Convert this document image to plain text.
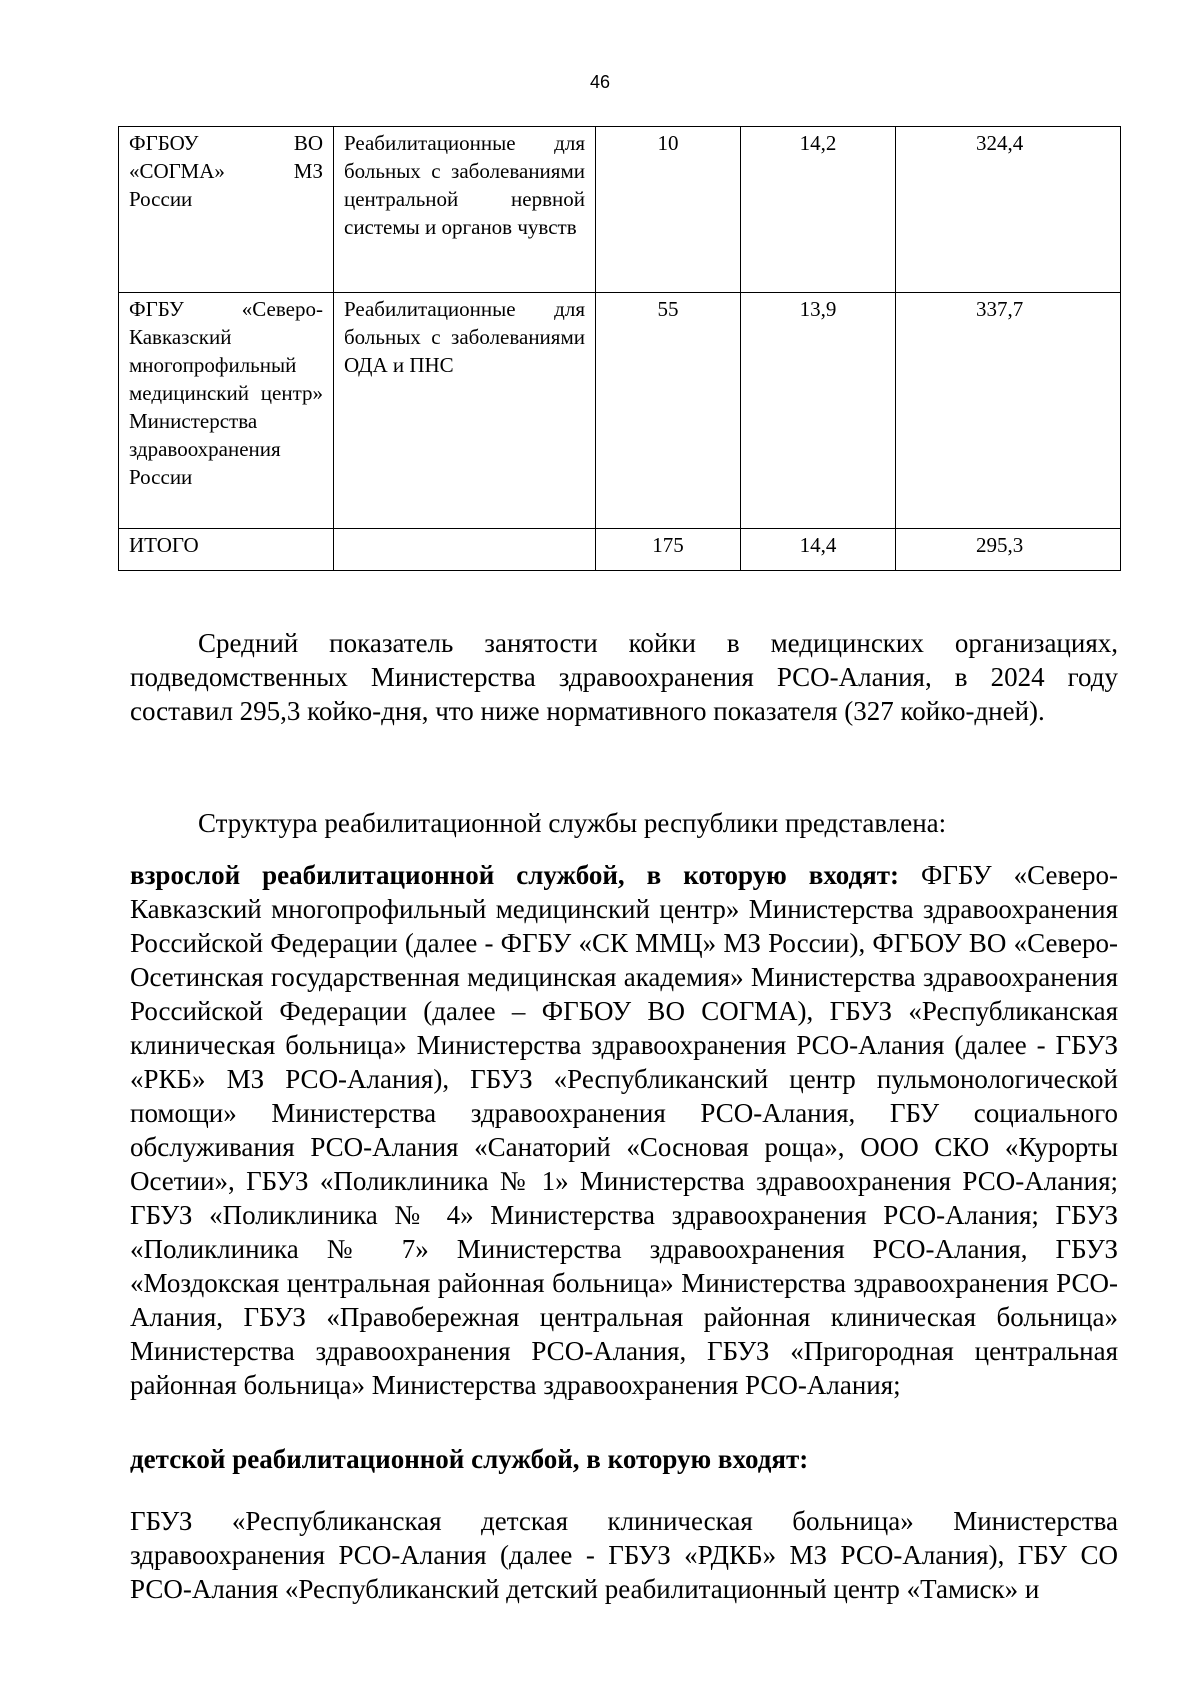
46
ФГБОУ ВО «СОГМА» МЗ России	Реабилитационные для больных с заболеваниями центральной нервной системы и органов чувств	10	14,2	324,4
ФГБУ «Северо-Кавказский многопрофильный медицинский центр» Министерства здравоохранения России	Реабилитационные для больных с заболеваниями ОДА и ПНС	55	13,9	337,7
ИТОГО		175	14,4	295,3

Средний показатель занятости койки в медицинских организациях, подведомственных Министерства здравоохранения РСО-Алания, в 2024 году составил 295,3 койко-дня, что ниже нормативного показателя (327 койко-дней).

Структура реабилитационной службы республики представлена:

взрослой реабилитационной службой, в которую входят: ФГБУ «Северо-Кавказский многопрофильный медицинский центр» Министерства здравоохранения Российской Федерации (далее - ФГБУ «СК ММЦ» МЗ России), ФГБОУ ВО «Северо-Осетинская государственная медицинская академия» Министерства здравоохранения Российской Федерации (далее – ФГБОУ ВО СОГМА), ГБУЗ «Республиканская клиническая больница» Министерства здравоохранения РСО-Алания (далее - ГБУЗ «РКБ» МЗ РСО-Алания), ГБУЗ «Республиканский центр пульмонологической помощи» Министерства здравоохранения РСО-Алания, ГБУ социального обслуживания РСО-Алания «Санаторий «Сосновая роща», ООО СКО «Курорты Осетии», ГБУЗ «Поликлиника № 1» Министерства здравоохранения РСО-Алания; ГБУЗ «Поликлиника № 4» Министерства здравоохранения РСО-Алания; ГБУЗ «Поликлиника № 7» Министерства здравоохранения РСО-Алания, ГБУЗ «Моздокская центральная районная больница» Министерства здравоохранения РСО-Алания, ГБУЗ «Правобережная центральная районная клиническая больница» Министерства здравоохранения РСО-Алания, ГБУЗ «Пригородная центральная районная больница» Министерства здравоохранения РСО-Алания;

детской реабилитационной службой, в которую входят:

ГБУЗ «Республиканская детская клиническая больница» Министерства здравоохранения РСО-Алания (далее - ГБУЗ «РДКБ» МЗ РСО-Алания), ГБУ СО РСО-Алания «Республиканский детский реабилитационный центр «Тамиск» и
